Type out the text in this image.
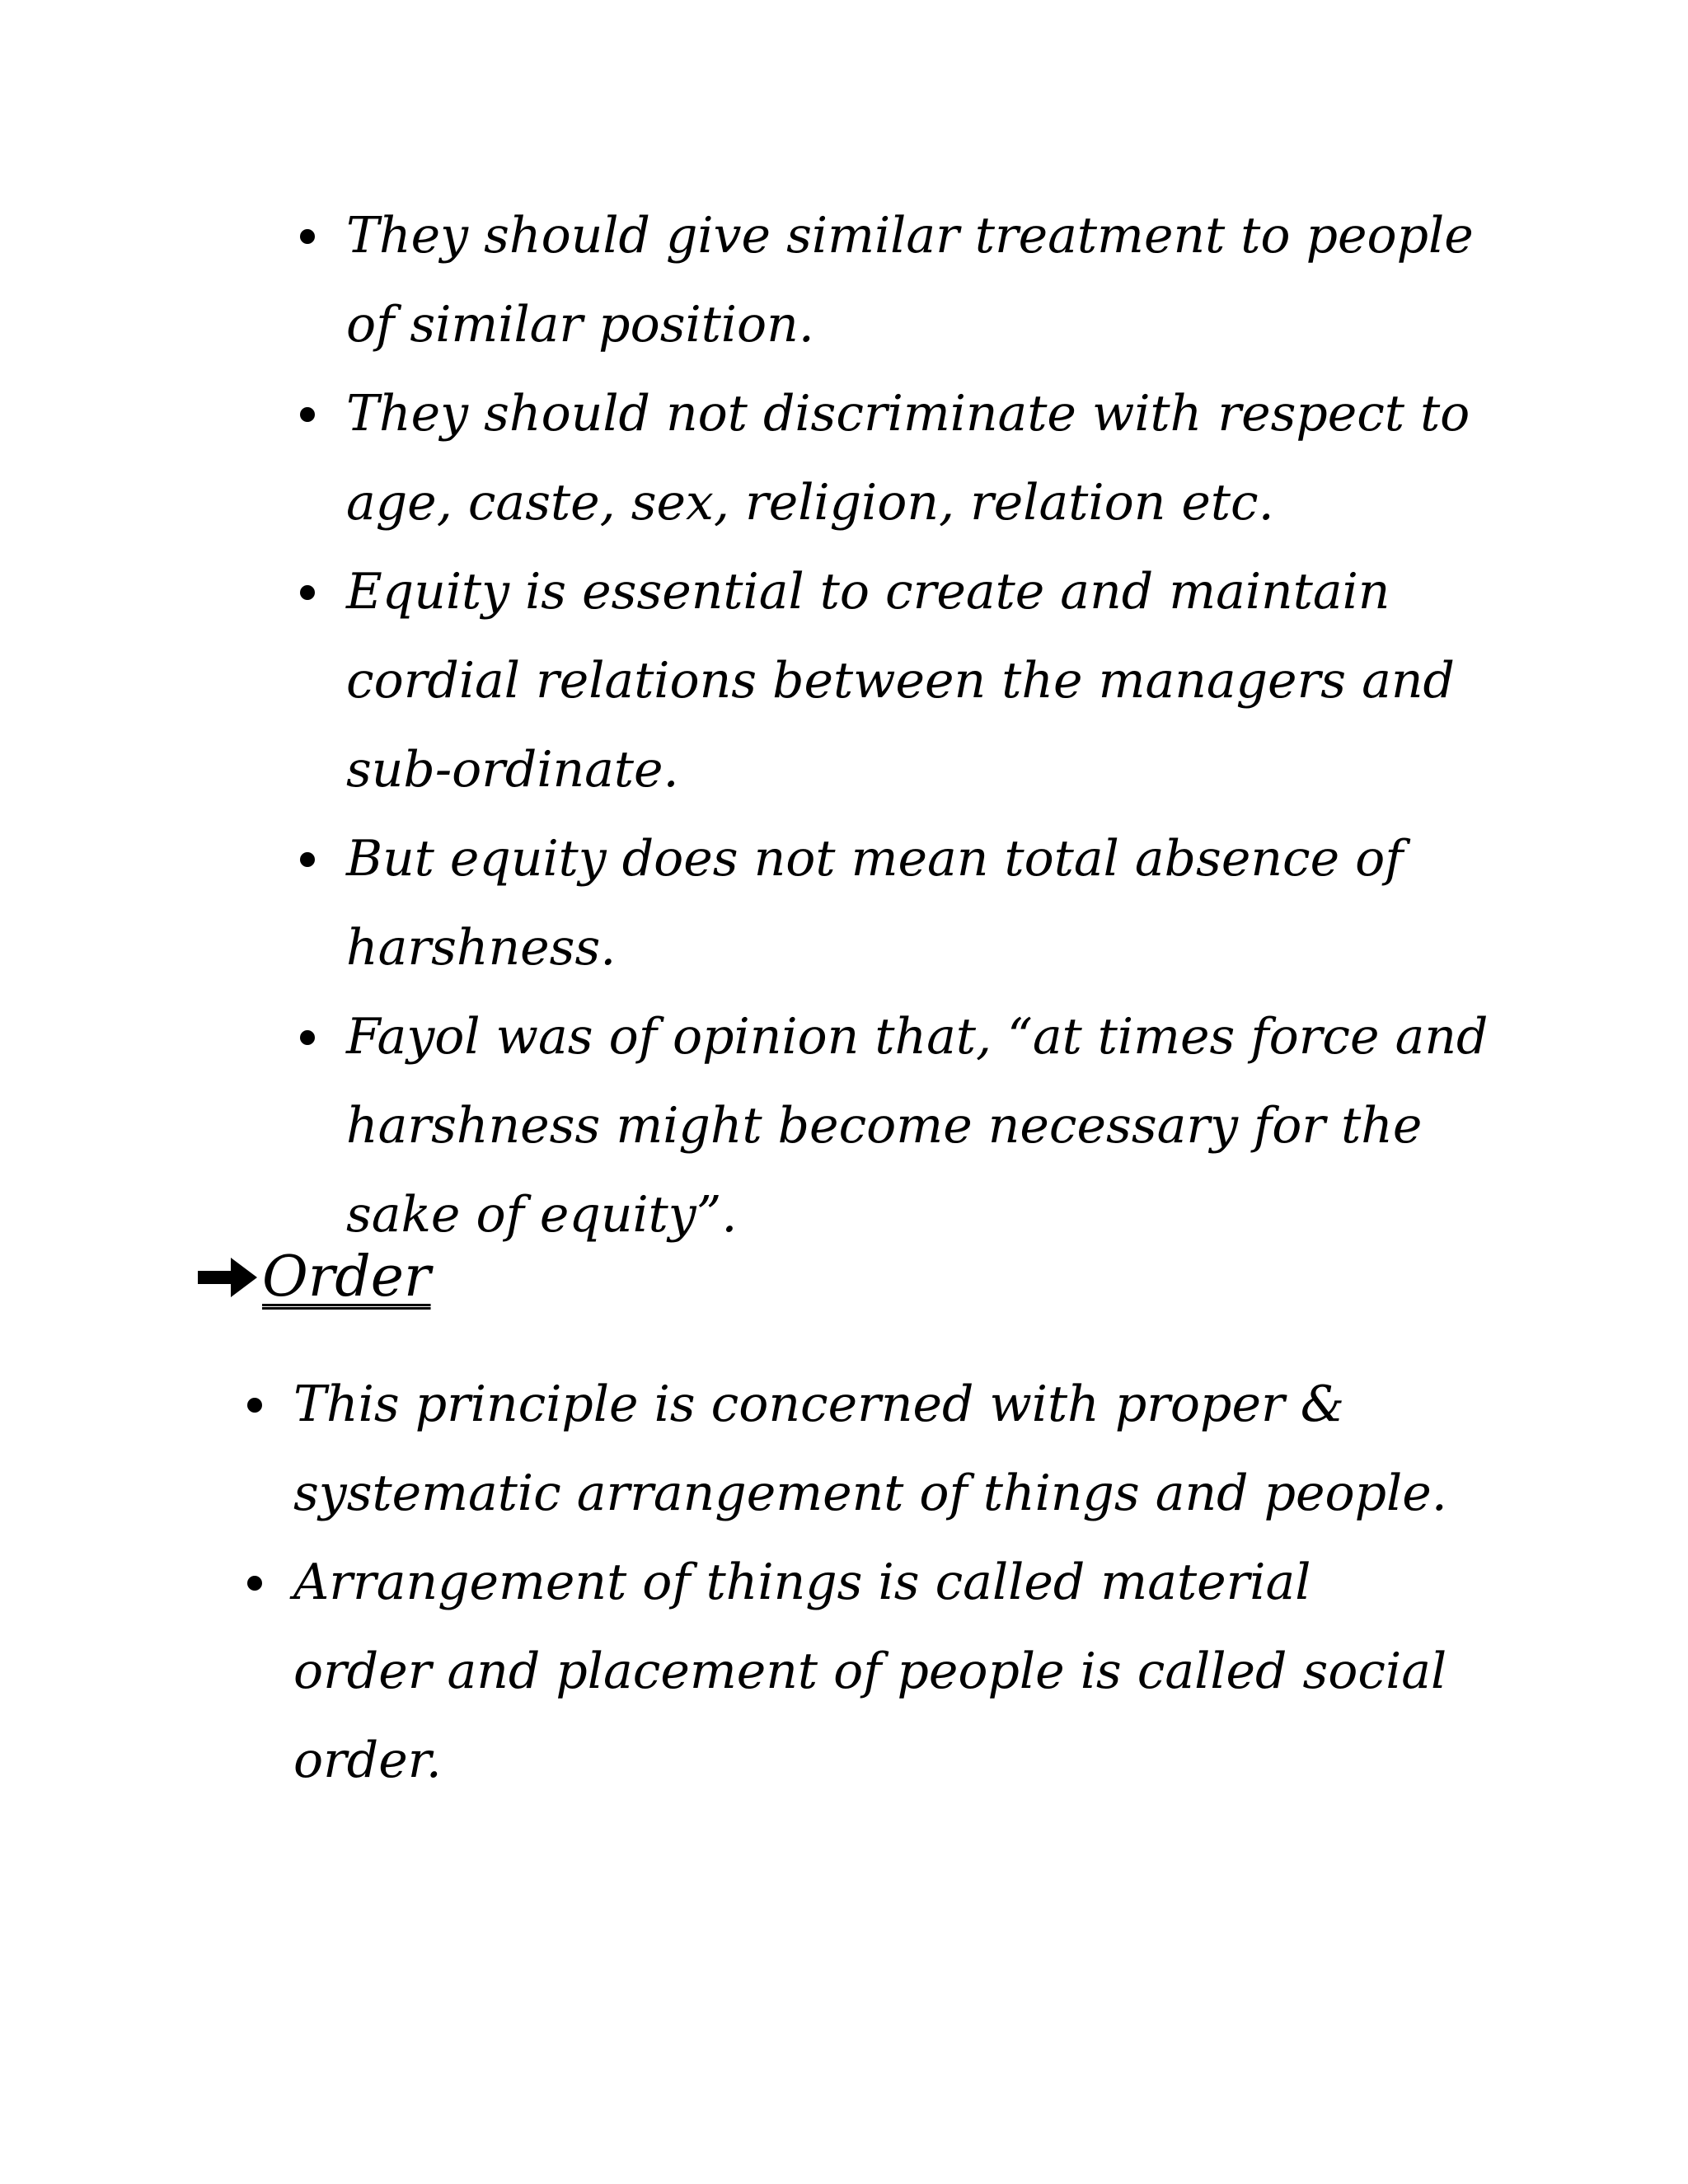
They should give similar treatment to people of similar position.
They should not discriminate with respect to age, caste, sex, religion, relation etc.
Equity is essential to create and maintain cordial relations between the managers and sub-ordinate.
But equity does not mean total absence of harshness.
Fayol was of opinion that, “at times force and harshness might become necessary for the sake of equity”.
Order
This principle is concerned with proper & systematic arrangement of things and people.
Arrangement of things is called material order and placement of people is called social order.
